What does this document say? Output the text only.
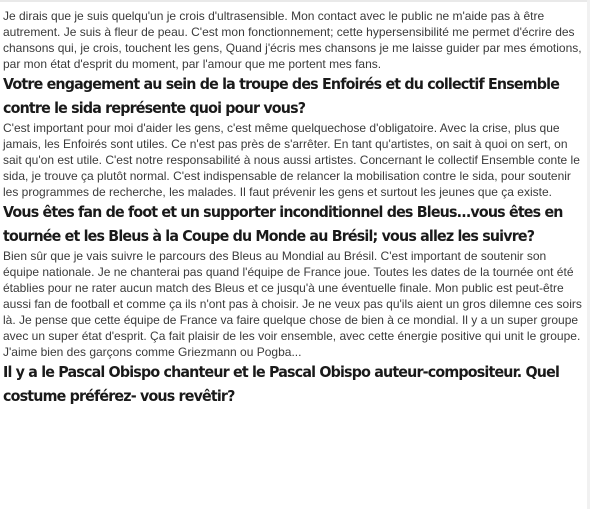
Je dirais que je suis quelqu'un je crois d'ultrasensible. Mon contact avec le public ne m'aide pas à être autrement. Je suis à fleur de peau. C'est mon fonctionnement; cette hypersensibilité me permet d'écrire des chansons qui, je crois, touchent les gens, Quand j'écris mes chansons je me laisse guider par mes émotions, par mon état d'esprit du moment, par l'amour que me portent mes fans.

Votre engagement au sein de la troupe des Enfoirés et du collectif Ensemble contre le sida représente quoi pour vous?

C'est important pour moi d'aider les gens, c'est même quelquechose d'obligatoire. Avec la crise, plus que jamais, les Enfoirés sont utiles. Ce n'est pas près de s'arrêter. En tant qu'artistes, on sait à quoi on sert, on sait qu'on est utile. C'est notre responsabilité à nous aussi artistes. Concernant le collectif Ensemble conte le sida, je trouve ça plutôt normal. C'est indispensable de relancer la mobilisation contre le sida, pour soutenir les programmes de recherche, les malades. Il faut prévenir les gens et surtout les jeunes que ça existe.

Vous êtes fan de foot et un supporter inconditionnel des Bleus...vous êtes en tournée et les Bleus à la Coupe du Monde au Brésil; vous allez les suivre?

Bien sûr que je vais suivre le parcours des Bleus au Mondial au Brésil. C'est important de soutenir son équipe nationale. Je ne chanterai pas quand l'équipe de France joue. Toutes les dates de la tournée ont été établies pour ne rater aucun match des Bleus et ce jusqu'à une éventuelle finale. Mon public est peut-être aussi fan de football et comme ça ils n'ont pas à choisir. Je ne veux pas qu'ils aient un gros dilemne ces soirs là. Je pense que cette équipe de France va faire quelque chose de bien à ce mondial. Il y a un super groupe avec un super état d'esprit. Ça fait plaisir de les voir ensemble, avec cette énergie positive qui unit le groupe. J'aime bien des garçons comme Griezmann ou Pogba...

Il y a le Pascal Obispo chanteur et le Pascal Obispo auteur-compositeur. Quel costume préférez- vous revêtir?
